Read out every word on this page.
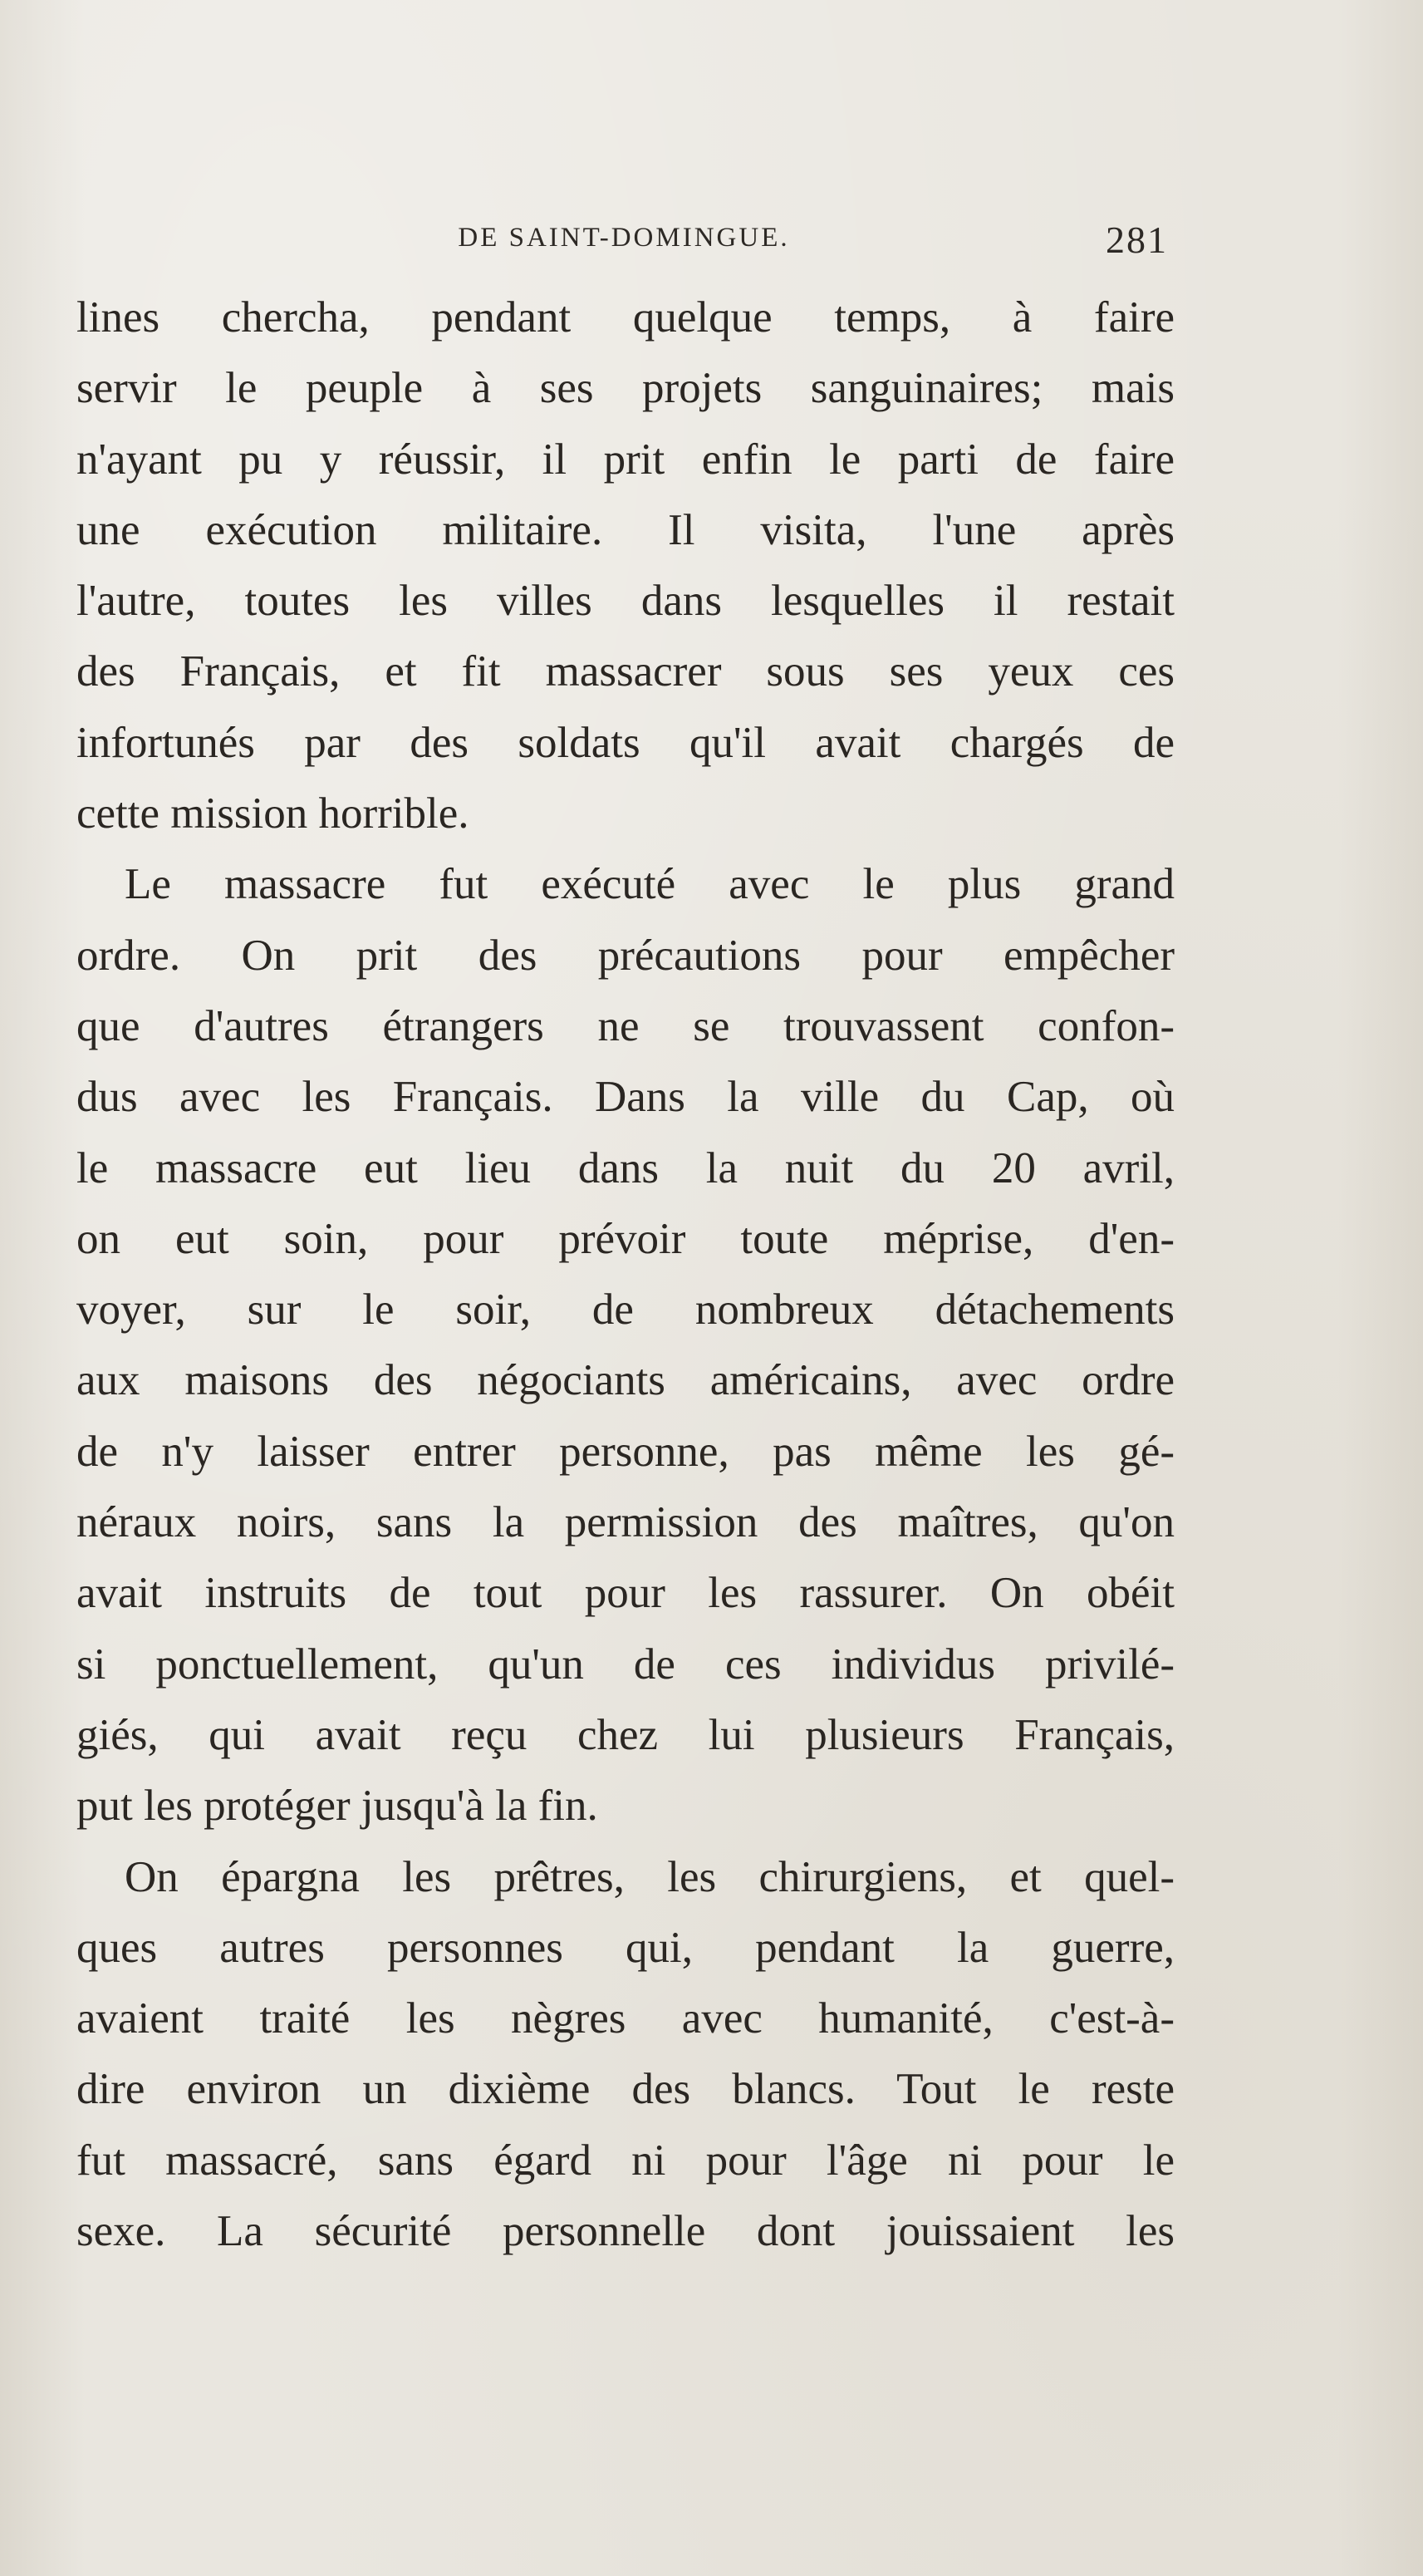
DE SAINT-DOMINGUE.	281
lines chercha, pendant quelque temps, à faire
servir le peuple à ses projets sanguinaires; mais
n'ayant pu y réussir, il prit enfin le parti de faire
une exécution militaire. Il visita, l'une après
l'autre, toutes les villes dans lesquelles il restait
des Français, et fit massacrer sous ses yeux ces
infortunés par des soldats qu'il avait chargés de
cette mission horrible.
Le massacre fut exécuté avec le plus grand
ordre. On prit des précautions pour empêcher
que d'autres étrangers ne se trouvassent confon-
dus avec les Français. Dans la ville du Cap, où
le massacre eut lieu dans la nuit du 20 avril,
on eut soin, pour prévoir toute méprise, d'en-
voyer, sur le soir, de nombreux détachements
aux maisons des négociants américains, avec ordre
de n'y laisser entrer personne, pas même les gé-
néraux noirs, sans la permission des maîtres, qu'on
avait instruits de tout pour les rassurer. On obéit
si ponctuellement, qu'un de ces individus privilé-
giés, qui avait reçu chez lui plusieurs Français,
put les protéger jusqu'à la fin.
On épargna les prêtres, les chirurgiens, et quel-
ques autres personnes qui, pendant la guerre,
avaient traité les nègres avec humanité, c'est-à-
dire environ un dixième des blancs. Tout le reste
fut massacré, sans égard ni pour l'âge ni pour le
sexe. La sécurité personnelle dont jouissaient les
